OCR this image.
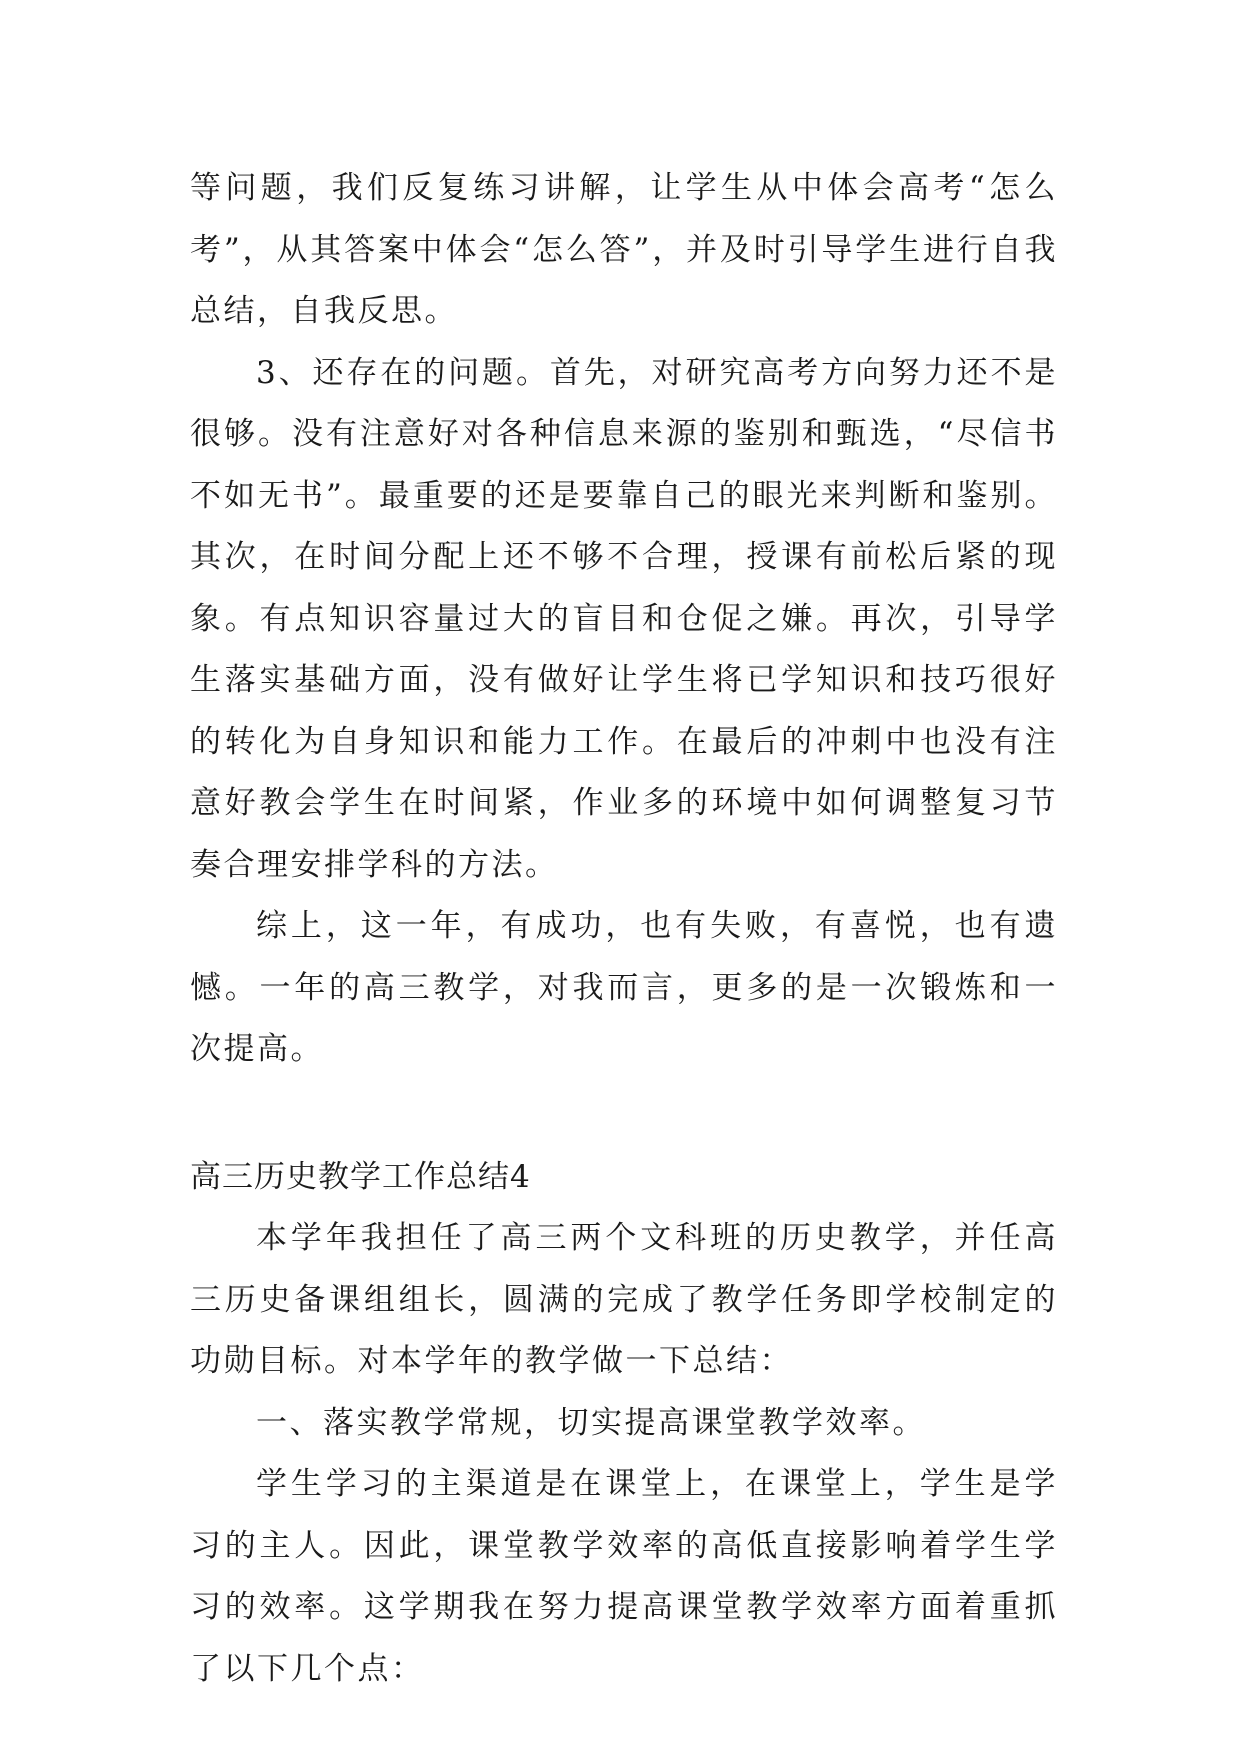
等问题，我们反复练习讲解，让学生从中体会高考“怎么考”，从其答案中体会“怎么答”，并及时引导学生进行自我总结，自我反思。

3、还存在的问题。首先，对研究高考方向努力还不是很够。没有注意好对各种信息来源的鉴别和甄选，“尽信书不如无书”。最重要的还是要靠自己的眼光来判断和鉴别。其次，在时间分配上还不够不合理，授课有前松后紧的现象。有点知识容量过大的盲目和仓促之嫌。再次，引导学生落实基础方面，没有做好让学生将已学知识和技巧很好的转化为自身知识和能力工作。在最后的冲刺中也没有注意好教会学生在时间紧，作业多的环境中如何调整复习节奏合理安排学科的方法。

综上，这一年，有成功，也有失败，有喜悦，也有遗憾。一年的高三教学，对我而言，更多的是一次锻炼和一次提高。

高三历史教学工作总结4

本学年我担任了高三两个文科班的历史教学，并任高三历史备课组组长，圆满的完成了教学任务即学校制定的功勋目标。对本学年的教学做一下总结：

一、落实教学常规，切实提高课堂教学效率。

学生学习的主渠道是在课堂上，在课堂上，学生是学习的主人。因此，课堂教学效率的高低直接影响着学生学习的效率。这学期我在努力提高课堂教学效率方面着重抓了以下几个点：
